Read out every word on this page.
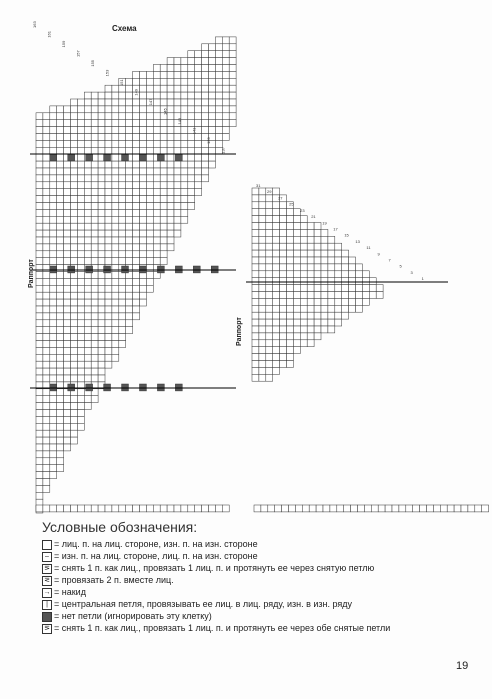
163
161
159
157
155
153
151
149
147
145
143
141
139
137
31
29
27
25
23
21
19
17
15
13
11
9
7
5
3
1
Схема
Раппорт
Раппорт
Условные обозначения:
= лиц. п. на лиц. стороне, изн. п. на изн. стороне
– = изн. п. на лиц. стороне, лиц. п. на изн. стороне
⋝ = снять 1 п. как лиц., провязать 1 лиц. п. и протянуть ее через снятую петлю
⋜ = провязать 2 п. вместе лиц.
→ = накид
| = центральная петля, провязывать ее лиц. в лиц. ряду, изн. в изн. ряду
= нет петли (игнорировать эту клетку)
⋝ = снять 1 п. как лиц., провязать 1 лиц. п. и протянуть ее через обе снятые петли
19
